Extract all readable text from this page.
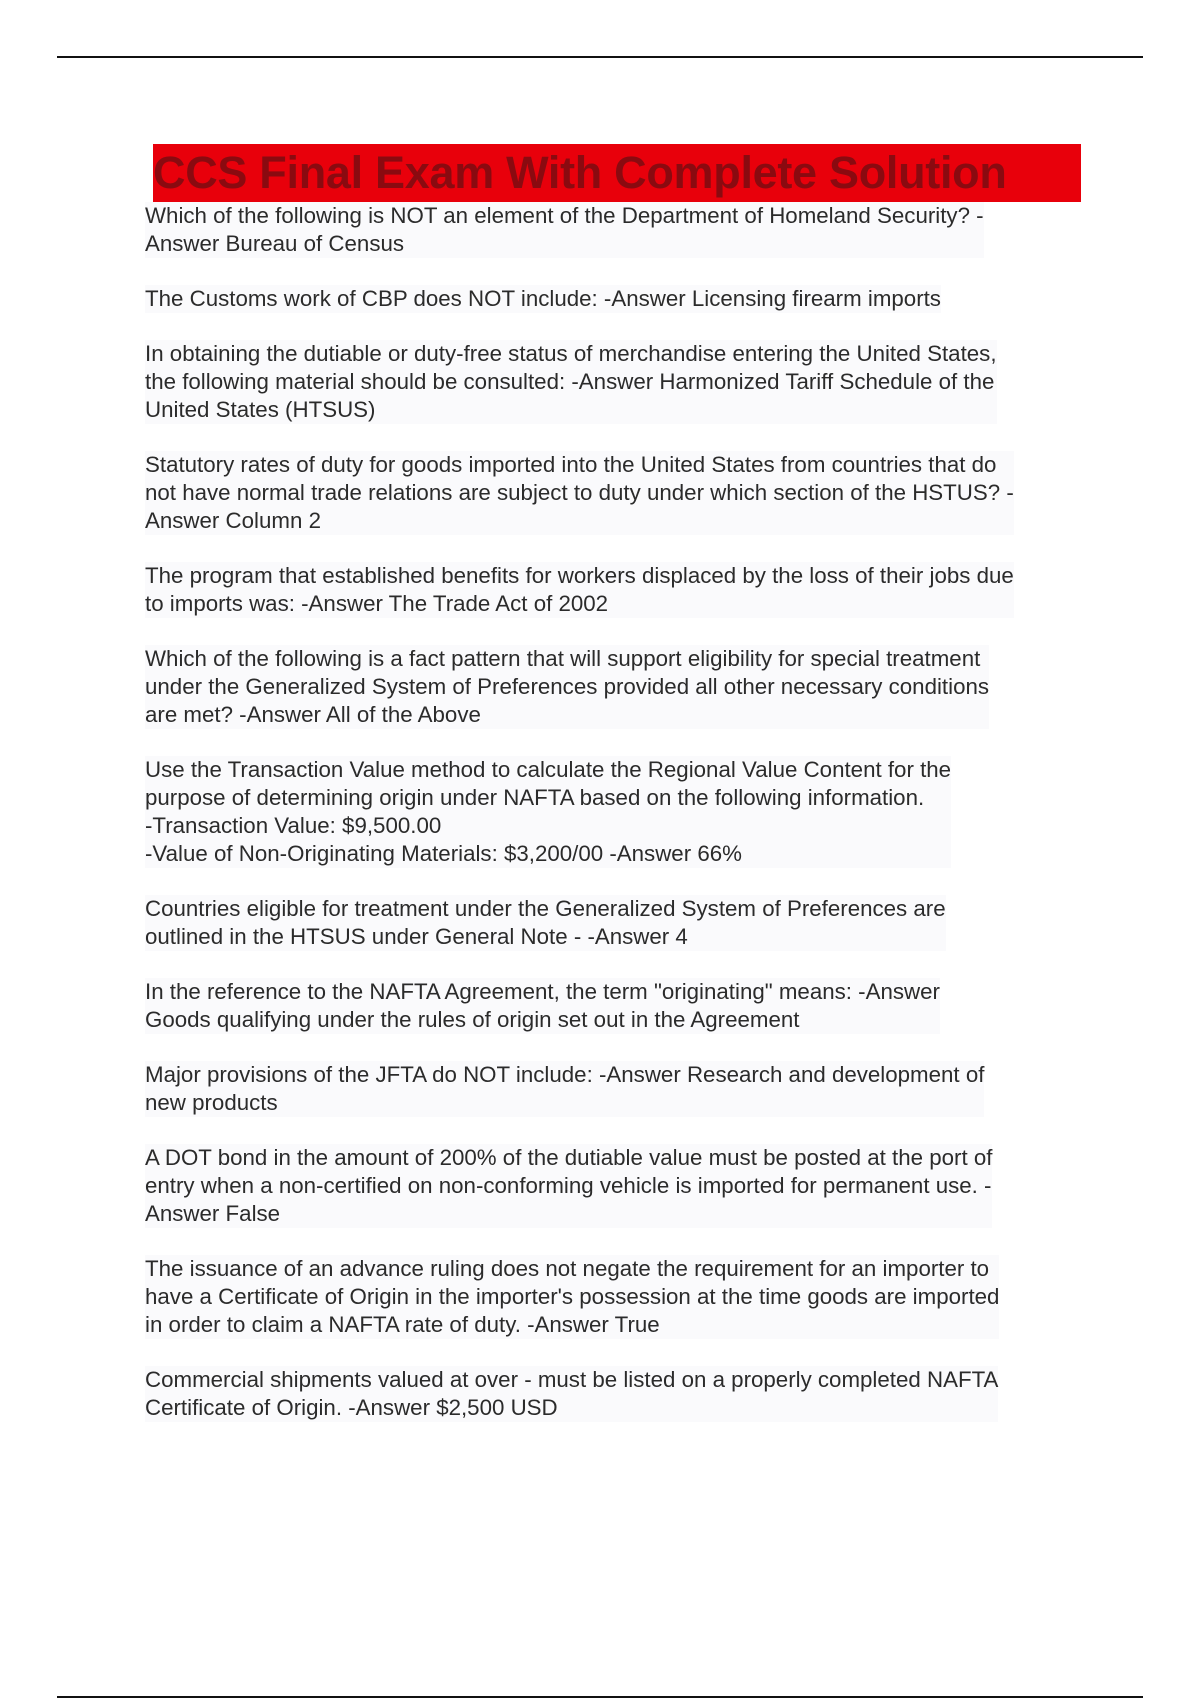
CCS Final Exam With Complete Solution

Which of the following is NOT an element of the Department of Homeland Security? -
Answer Bureau of Census

The Customs work of CBP does NOT include: -Answer Licensing firearm imports

In obtaining the dutiable or duty-free status of merchandise entering the United States,
the following material should be consulted: -Answer Harmonized Tariff Schedule of the
United States (HTSUS)

Statutory rates of duty for goods imported into the United States from countries that do
not have normal trade relations are subject to duty under which section of the HSTUS? -
Answer Column 2

The program that established benefits for workers displaced by the loss of their jobs due
to imports was: -Answer The Trade Act of 2002

Which of the following is a fact pattern that will support eligibility for special treatment
under the Generalized System of Preferences provided all other necessary conditions
are met? -Answer All of the Above

Use the Transaction Value method to calculate the Regional Value Content for the
purpose of determining origin under NAFTA based on the following information.
-Transaction Value: $9,500.00
-Value of Non-Originating Materials: $3,200/00 -Answer 66%

Countries eligible for treatment under the Generalized System of Preferences are
outlined in the HTSUS under General Note - -Answer 4

In the reference to the NAFTA Agreement, the term "originating" means: -Answer
Goods qualifying under the rules of origin set out in the Agreement

Major provisions of the JFTA do NOT include: -Answer Research and development of
new products

A DOT bond in the amount of 200% of the dutiable value must be posted at the port of
entry when a non-certified on non-conforming vehicle is imported for permanent use. -
Answer False

The issuance of an advance ruling does not negate the requirement for an importer to
have a Certificate of Origin in the importer's possession at the time goods are imported
in order to claim a NAFTA rate of duty. -Answer True

Commercial shipments valued at over - must be listed on a properly completed NAFTA
Certificate of Origin. -Answer $2,500 USD
